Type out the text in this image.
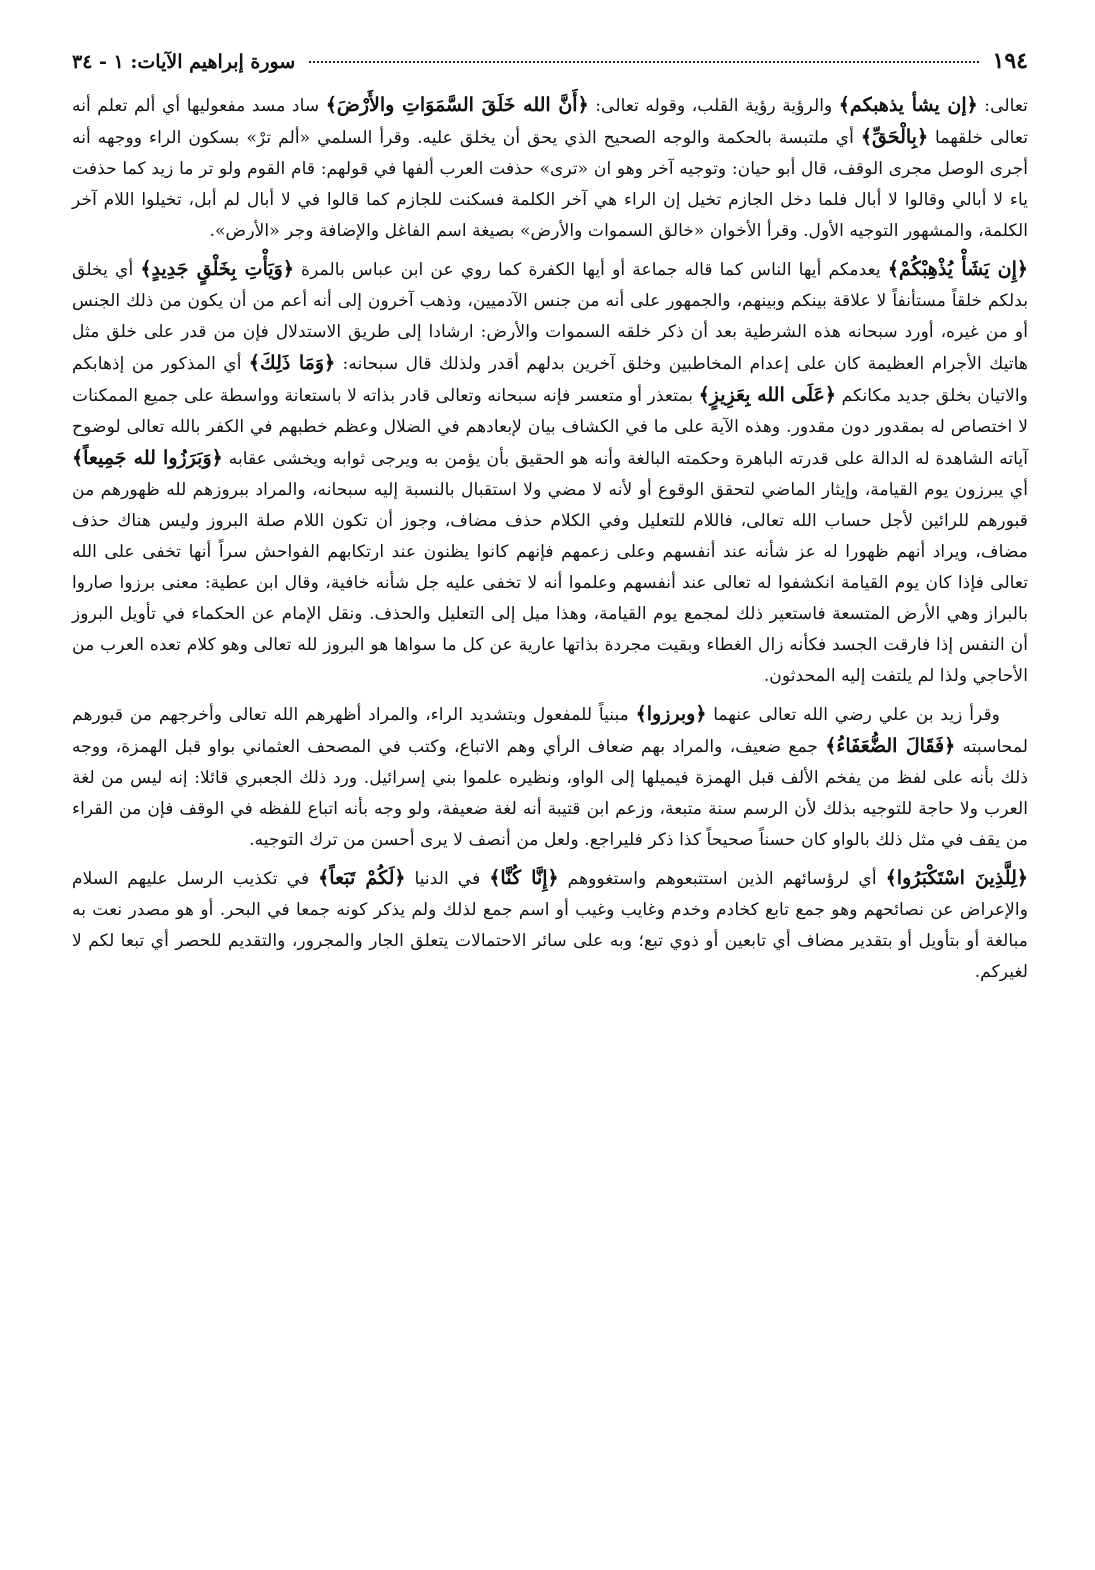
١٩٤
سورة إبراهيم الآيات: ١ - ٣٤

تعالى: ﴿إن يشأ يذهبكم﴾ والرؤية رؤية القلب، وقوله تعالى: ﴿أَنَّ الله خَلَقَ السَّمَوَاتِ والأَرْضَ﴾ ساد مسد مفعوليها أي ألم تعلم أنه تعالى خلقهما ﴿بِالْحَقِّ﴾ أي ملتبسة بالحكمة والوجه الصحيح الذي يحق أن يخلق عليه. وقرأ السلمي «ألم ترْ» بسكون الراء ووجهه أنه أجرى الوصل مجرى الوقف، قال أبو حيان: وتوجيه آخر وهو ان «ترى» حذفت العرب ألفها في قولهم: قام القوم ولو تر ما زيد كما حذفت ياء لا أبالي وقالوا لا أبال فلما دخل الجازم تخيل إن الراء هي آخر الكلمة فسكنت للجازم كما قالوا في لا أبال لم أبل، تخيلوا اللام آخر الكلمة، والمشهور التوجيه الأول. وقرأ الأخوان «خالق السموات والأرض» بصيغة اسم الفاغل والإضافة وجر «الأرض».

﴿إِن يَشَأْ يُذْهِبْكُمْ﴾ يعدمكم أيها الناس كما قاله جماعة أو أيها الكفرة كما روي عن ابن عباس بالمرة ﴿وَيَأْتِ بِخَلْقٍ جَدِيدٍ﴾ أي يخلق بدلكم خلقاً مستأنفاً لا علاقة بينكم وبينهم، والجمهور على أنه من جنس الآدميين، وذهب آخرون إلى أنه أعم من أن يكون من ذلك الجنس أو من غيره، أورد سبحانه هذه الشرطية بعد أن ذكر خلقه السموات والأرض: ارشادا إلى طريق الاستدلال فإن من قدر على خلق مثل هاتيك الأجرام العظيمة كان على إعدام المخاطبين وخلق آخرين بدلهم أقدر ولذلك قال سبحانه: ﴿وَمَا ذَلِكَ﴾ أي المذكور من إذهابكم والاتيان بخلق جديد مكانكم ﴿عَلَى الله بِعَزِيزٍ﴾ بمتعذر أو متعسر فإنه سبحانه وتعالى قادر بذاته لا باستعانة وواسطة على جميع الممكنات لا اختصاص له بمقدور دون مقدور. وهذه الآية على ما في الكشاف بيان لإبعادهم في الضلال وعظم خطبهم في الكفر بالله تعالى لوضوح آياته الشاهدة له الدالة على قدرته الباهرة وحكمته البالغة وأنه هو الحقيق بأن يؤمن به ويرجى ثوابه ويخشى عقابه ﴿وَبَرَزُوا لله جَمِيعاً﴾ أي يبرزون يوم القيامة، وإيثار الماضي لتحقق الوقوع أو لأنه لا مضي ولا استقبال بالنسبة إليه سبحانه، والمراد ببروزهم لله ظهورهم من قبورهم للرائين لأجل حساب الله تعالى، فاللام للتعليل وفي الكلام حذف مضاف، وجوز أن تكون اللام صلة البروز وليس هناك حذف مضاف، ويراد أنهم ظهورا له عز شأنه عند أنفسهم وعلى زعمهم فإنهم كانوا يظنون عند ارتكابهم الفواحش سراً أنها تخفى على الله تعالى فإذا كان يوم القيامة انكشفوا له تعالى عند أنفسهم وعلموا أنه لا تخفى عليه جل شأنه خافية، وقال ابن عطية: معنى برزوا صاروا بالبراز وهي الأرض المتسعة فاستعير ذلك لمجمع يوم القيامة، وهذا ميل إلى التعليل والحذف. ونقل الإمام عن الحكماء في تأويل البروز أن النفس إذا فارقت الجسد فكأنه زال الغطاء وبقيت مجردة بذاتها عارية عن كل ما سواها هو البروز لله تعالى وهو كلام تعده العرب من الأحاجي ولذا لم يلتفت إليه المحدثون.

وقرأ زيد بن علي رضي الله تعالى عنهما ﴿وبرزوا﴾ مبنياً للمفعول وبتشديد الراء، والمراد أظهرهم الله تعالى وأخرجهم من قبورهم لمحاسبته ﴿فَقَالَ الضُّعَفَاءُ﴾ جمع ضعيف، والمراد بهم ضعاف الرأي وهم الاتباع، وكتب في المصحف العثماني بواو قبل الهمزة، ووجه ذلك بأنه على لفظ من يفخم الألف قبل الهمزة فيميلها إلى الواو، ونظيره علموا بني إسرائيل. ورد ذلك الجعبري قائلا: إنه ليس من لغة العرب ولا حاجة للتوجيه بذلك لأن الرسم سنة متبعة، وزعم ابن قتيبة أنه لغة ضعيفة، ولو وجه بأنه اتباع للفظه في الوقف فإن من القراء من يقف في مثل ذلك بالواو كان حسناً صحيحاً كذا ذكر فليراجع. ولعل من أنصف لا يرى أحسن من ترك التوجيه.

﴿لِلَّذِينَ اسْتَكْبَرُوا﴾ أي لرؤسائهم الذين استتبعوهم واستغووهم ﴿إِنَّا كُنَّا﴾ في الدنيا ﴿لَكُمْ تَبَعاً﴾ في تكذيب الرسل عليهم السلام والإعراض عن نصائحهم وهو جمع تابع كخادم وخدم وغايب وغيب أو اسم جمع لذلك ولم يذكر كونه جمعا في البحر. أو هو مصدر نعت به مبالغة أو بتأويل أو بتقدير مضاف أي تابعين أو ذوي تبع؛ وبه على سائر الاحتمالات يتعلق الجار والمجرور، والتقديم للحصر أي تبعا لكم لا لغيركم.
